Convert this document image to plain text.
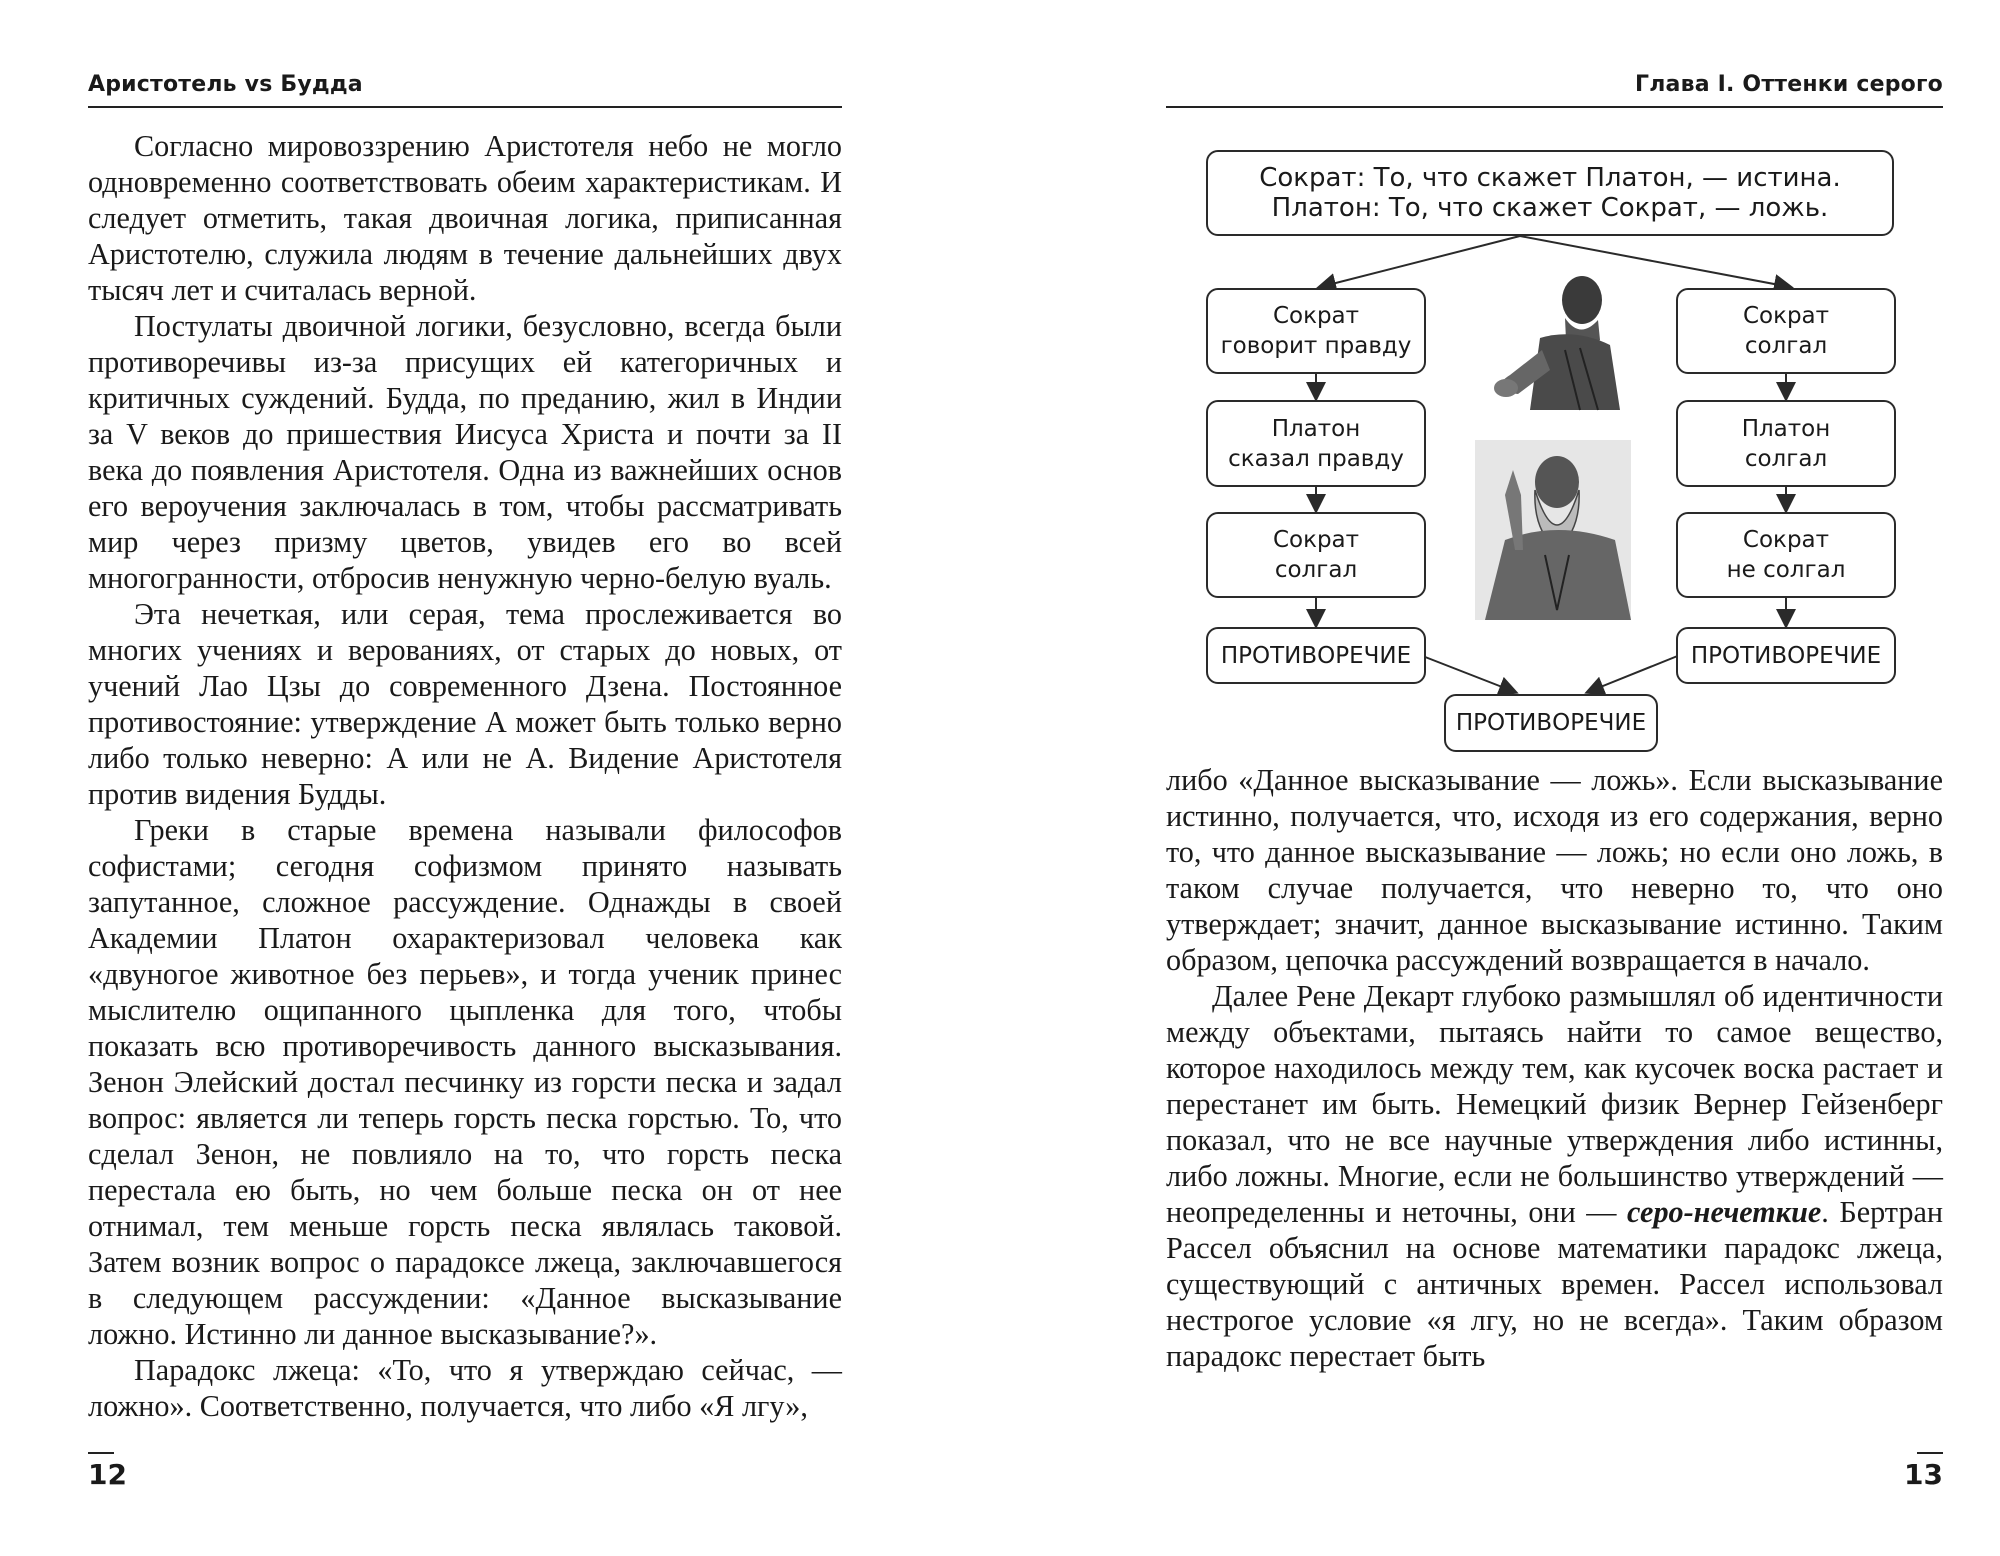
Аристотель vs Будда

Согласно мировоззрению Аристотеля небо не могло одновременно соответствовать обеим характеристикам. И следует отметить, такая двоичная логика, приписанная Аристотелю, служила людям в течение дальнейших двух тысяч лет и считалась верной.

Постулаты двоичной логики, безусловно, всегда были противоречивы из-за присущих ей категоричных и критичных суждений. Будда, по преданию, жил в Индии за V веков до пришествия Иисуса Христа и почти за II века до появления Аристотеля. Одна из важнейших основ его вероучения заключалась в том, чтобы рассматривать мир через призму цветов, увидев его во всей многогранности, отбросив ненужную черно-белую вуаль.

Эта нечеткая, или серая, тема прослеживается во многих учениях и верованиях, от старых до новых, от учений Лао Цзы до современного Дзена. Постоянное противостояние: утверждение А может быть только верно либо только неверно: А или не А. Видение Аристотеля против видения Будды.

Греки в старые времена называли философов софистами; сегодня софизмом принято называть запутанное, сложное рассуждение. Однажды в своей Академии Платон охарактеризовал человека как «двуногое животное без перьев», и тогда ученик принес мыслителю ощипанного цыпленка для того, чтобы показать всю противоречивость данного высказывания. Зенон Элейский достал песчинку из горсти песка и задал вопрос: является ли теперь горсть песка горстью. То, что сделал Зенон, не повлияло на то, что горсть песка перестала ею быть, но чем больше песка он от нее отнимал, тем меньше горсть песка являлась таковой. Затем возник вопрос о парадоксе лжеца, заключавшегося в следующем рассуждении: «Данное высказывание ложно. Истинно ли данное высказывание?».

Парадокс лжеца: «То, что я утверждаю сейчас, — ложно». Соответственно, получается, что либо «Я лгу»,

12
Глава I. Оттенки серого
Сократ: То, что скажет Платон, — истина.
Платон: То, что скажет Сократ, — ложь.
Сократ
говорит правду
Платон
сказал правду
Сократ
солгал
ПРОТИВОРЕЧИЕ
Сократ
солгал
Платон
солгал
Сократ
не солгал
ПРОТИВОРЕЧИЕ
ПРОТИВОРЕЧИЕ

либо «Данное высказывание — ложь». Если высказывание истинно, получается, что, исходя из его содержания, верно то, что данное высказывание — ложь; но если оно ложь, в таком случае получается, что неверно то, что оно утверждает; значит, данное высказывание истинно. Таким образом, цепочка рассуждений возвращается в начало.

Далее Рене Декарт глубоко размышлял об идентичности между объектами, пытаясь найти то самое вещество, которое находилось между тем, как кусочек воска растает и перестанет им быть. Немецкий физик Вернер Гейзенберг показал, что не все научные утверждения либо истинны, либо ложны. Многие, если не большинство утверждений — неопределенны и неточны, они — серо-нечеткие. Бертран Рассел объяснил на основе математики парадокс лжеца, существующий с античных времен. Рассел использовал нестрогое условие «я лгу, но не всегда». Таким образом парадокс перестает быть

13
